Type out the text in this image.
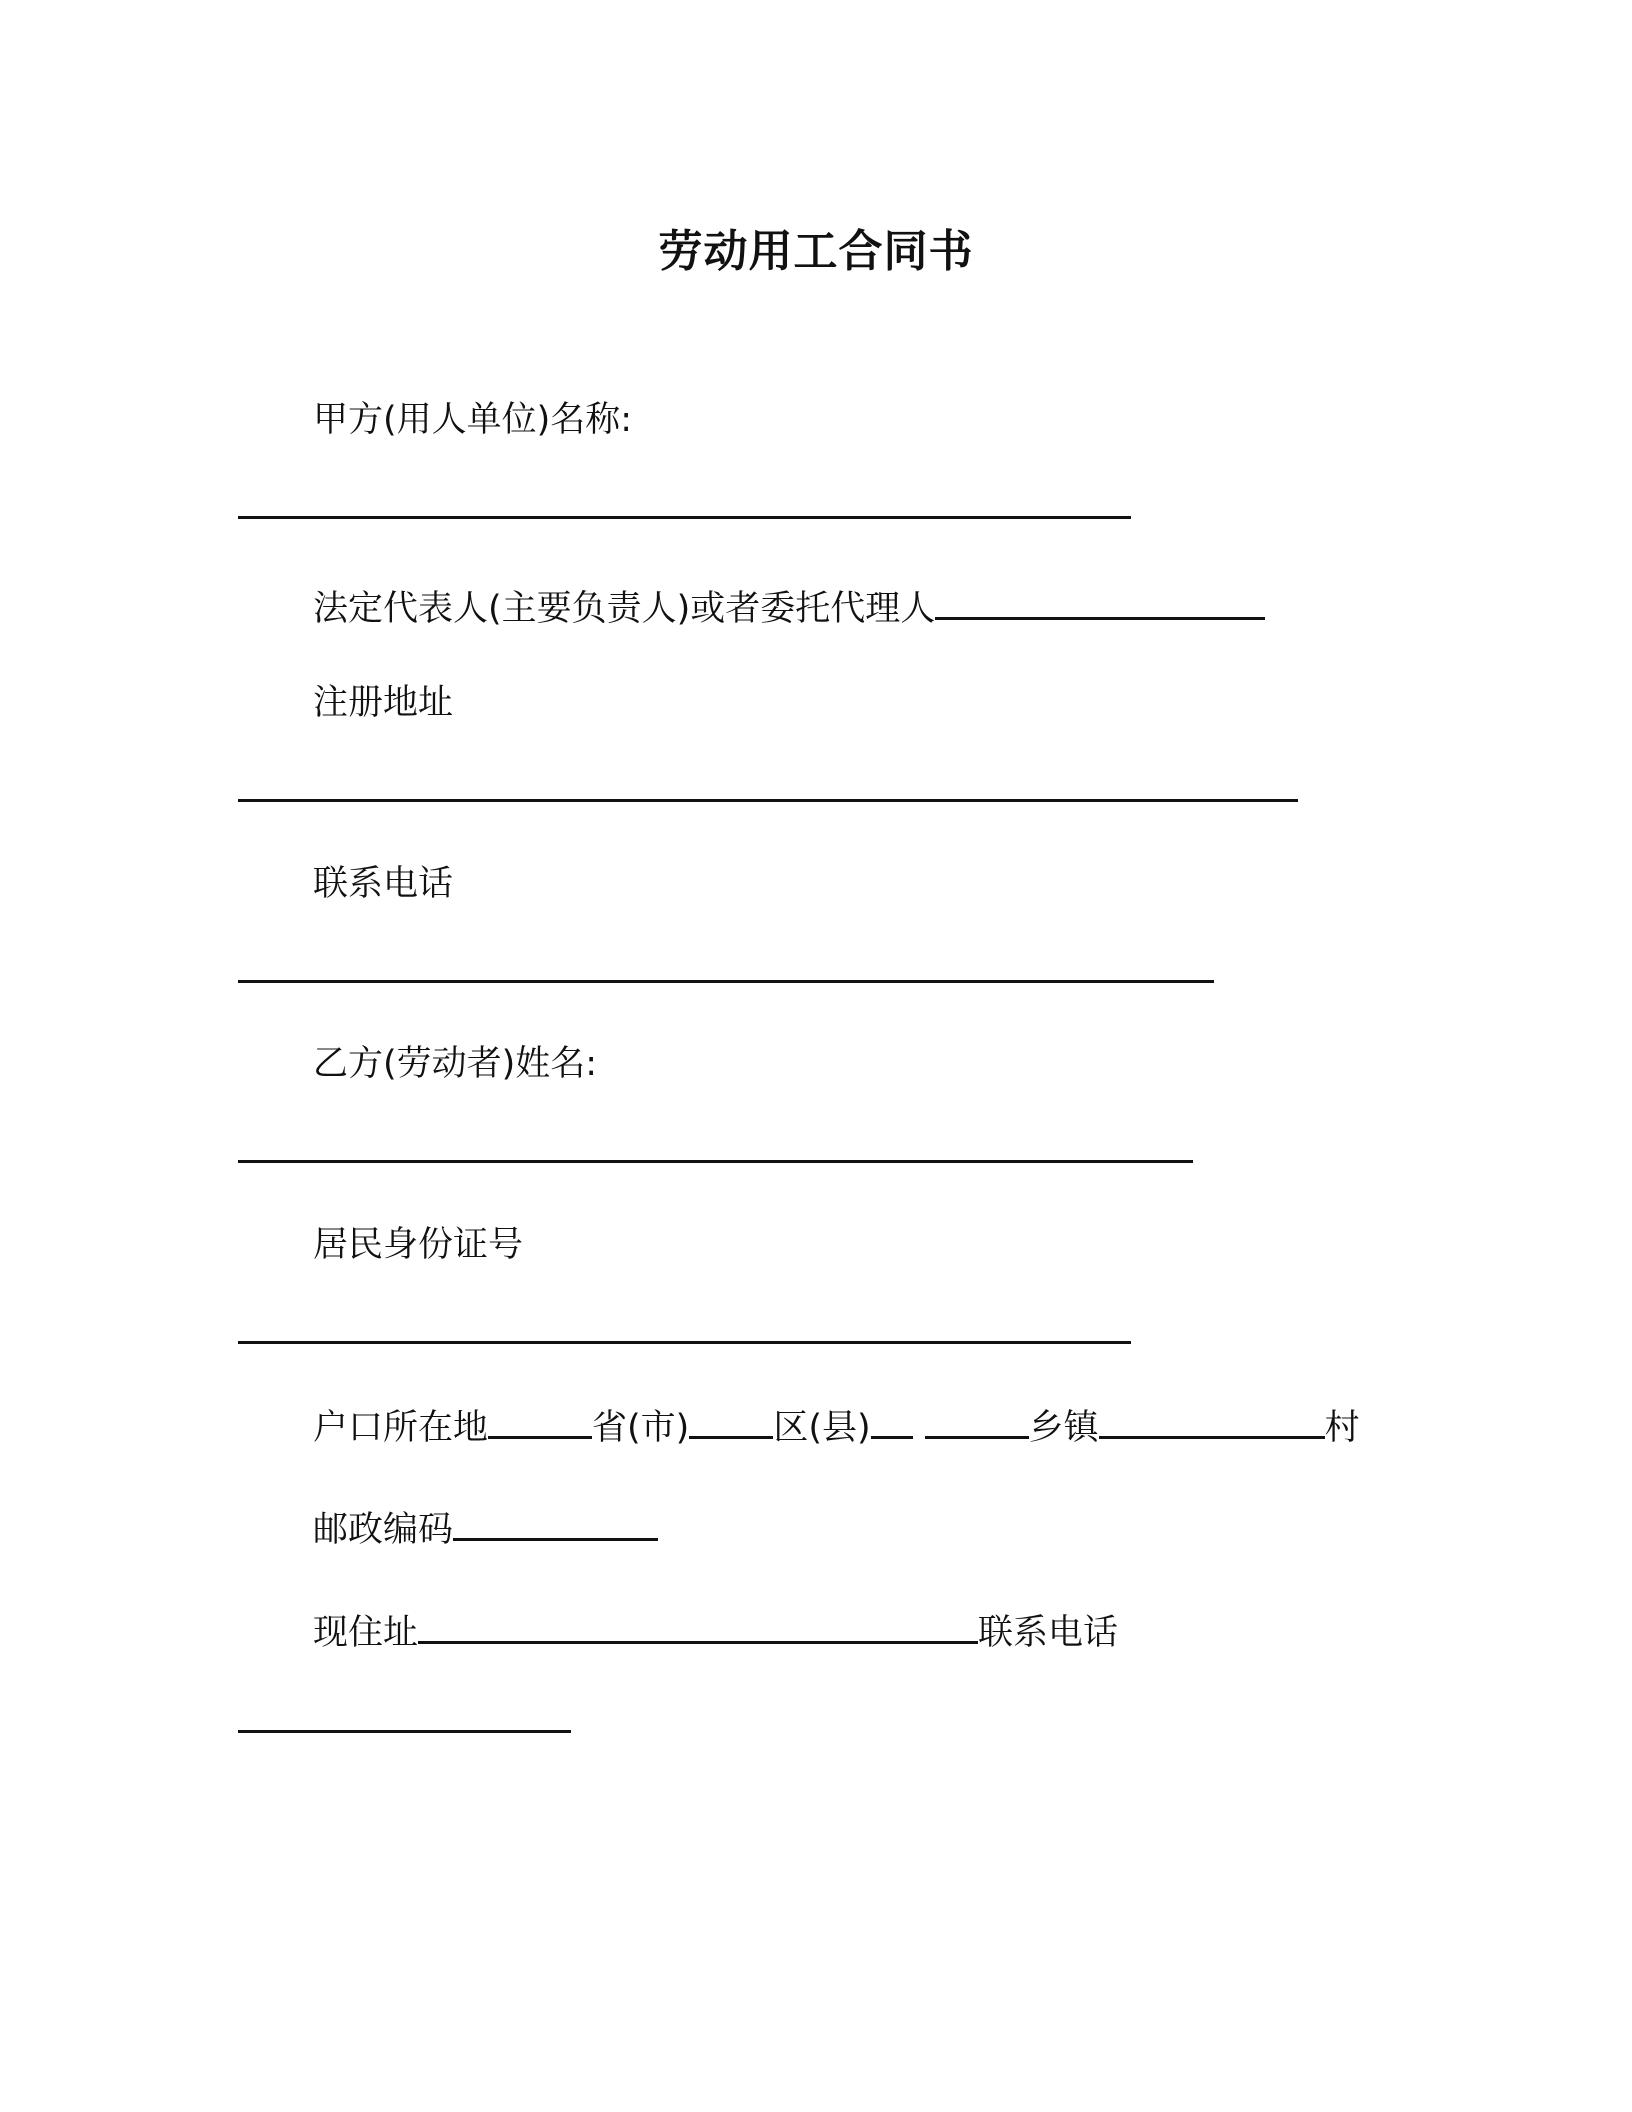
劳动用工合同书
甲方(用人单位)名称:
法定代表人(主要负责人)或者委托代理人
注册地址
联系电话
乙方(劳动者)姓名:
居民身份证号
户口所在地	省(市) 区(县)	乡镇	村
邮政编码
现住址	联系电话
